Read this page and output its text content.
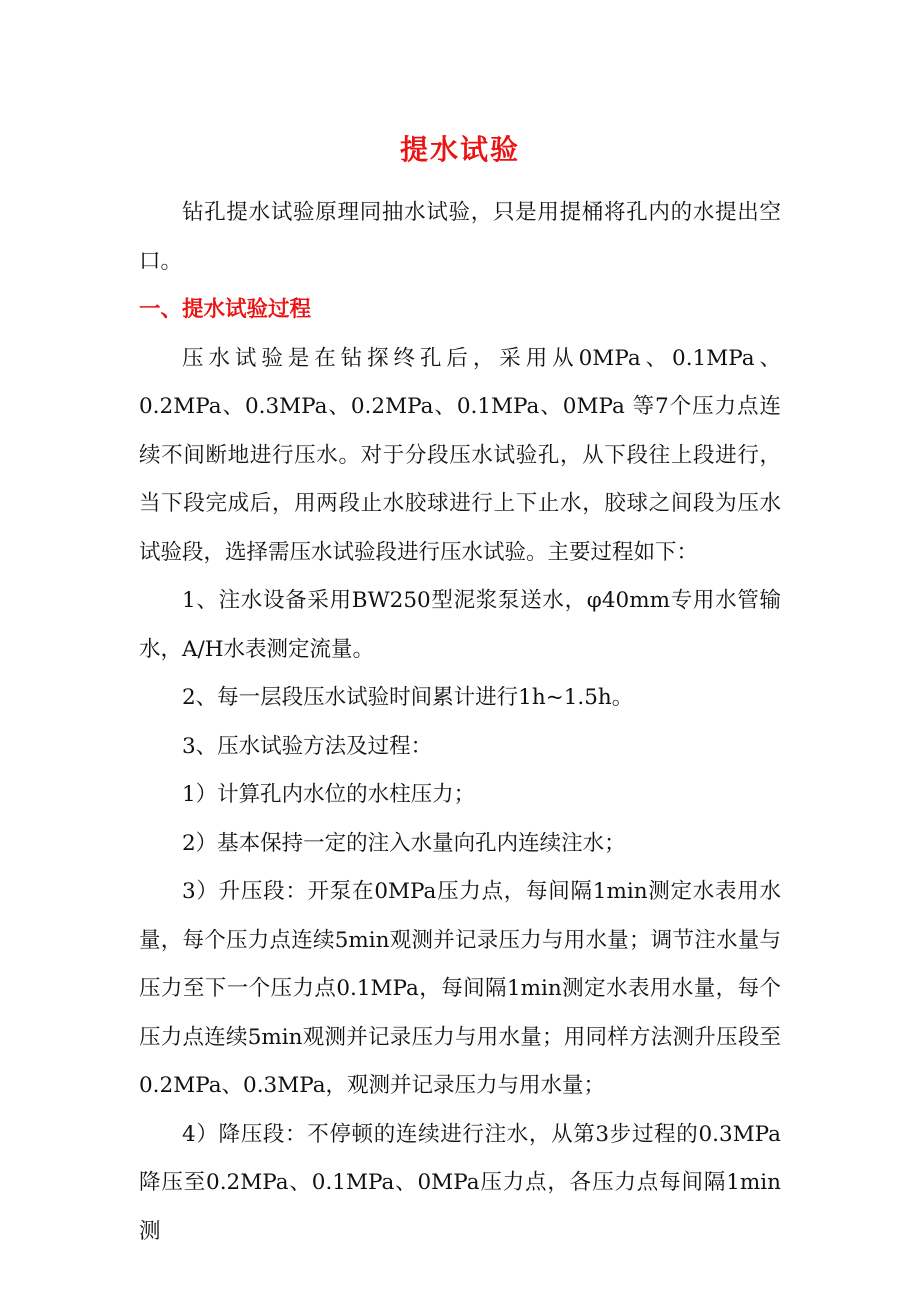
提水试验

钻孔提水试验原理同抽水试验，只是用提桶将孔内的水提出空口。

一、提水试验过程

压水试验是在钻探终孔后，采用从0MPa、0.1MPa、0.2MPa、0.3MPa、0.2MPa、0.1MPa、0MPa 等7个压力点连续不间断地进行压水。对于分段压水试验孔，从下段往上段进行，当下段完成后，用两段止水胶球进行上下止水，胶球之间段为压水试验段，选择需压水试验段进行压水试验。主要过程如下：

1、注水设备采用BW250型泥浆泵送水，φ40mm专用水管输水，A/H水表测定流量。

2、每一层段压水试验时间累计进行1h~1.5h。

3、压水试验方法及过程：

1）计算孔内水位的水柱压力；

2）基本保持一定的注入水量向孔内连续注水；

3）升压段：开泵在0MPa压力点，每间隔1min测定水表用水量，每个压力点连续5min观测并记录压力与用水量；调节注水量与压力至下一个压力点0.1MPa，每间隔1min测定水表用水量，每个压力点连续5min观测并记录压力与用水量；用同样方法测升压段至0.2MPa、0.3MPa，观测并记录压力与用水量；

4）降压段：不停顿的连续进行注水，从第3步过程的0.3MPa降压至0.2MPa、0.1MPa、0MPa压力点，各压力点每间隔1min测
